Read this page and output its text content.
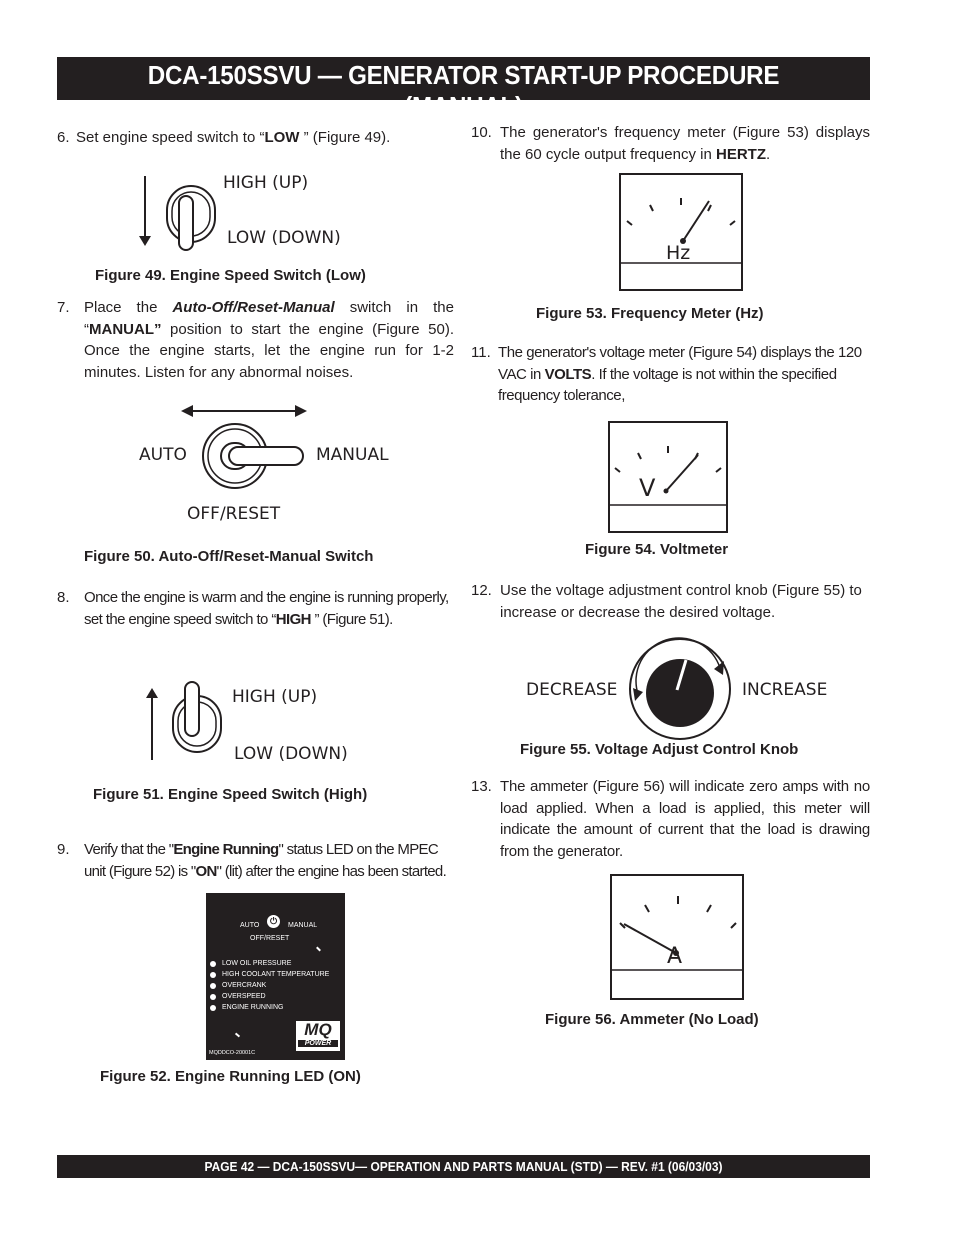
DCA-150SSVU — GENERATOR START-UP PROCEDURE (MANUAL)
6. Set engine speed switch to “LOW ” (Figure 49).
HIGH (UP)
LOW (DOWN)
Figure 49. Engine Speed Switch (Low)
7. Place the Auto-Off/Reset-Manual switch in the “MANUAL” position to start the engine (Figure 50). Once the engine starts, let the engine run for 1-2 minutes. Listen for any abnormal noises.
AUTO	MANUAL
OFF/RESET
Figure 50. Auto-Off/Reset-Manual Switch
8. Once the engine is warm and the engine is running properly, set the engine speed switch to “HIGH ” (Figure 51).
HIGH (UP)
LOW (DOWN)
Figure 51. Engine Speed Switch (High)
9. Verify that the "Engine Running" status LED on the MPEC unit (Figure 52) is "ON" (lit) after the engine has been started.
AUTO	⏻	MANUAL
OFF/RESET
LOW OIL PRESSURE
HIGH COOLANT TEMPERATURE
OVERCRANK
OVERSPEED
ENGINE RUNNING
MQ
POWER
MQDDCO-20001C
Figure 52. Engine Running LED (ON)
10. The generator's frequency meter (Figure 53) displays the 60 cycle output frequency in HERTZ.
Hz
Figure 53. Frequency Meter (Hz)
11. The generator's voltage meter (Figure 54) displays the 120 VAC in VOLTS. If the voltage is not within the specified frequency tolerance,
V
Figure 54. Voltmeter
12. Use the voltage adjustment control knob (Figure 55) to increase or decrease the desired voltage.
DECREASE	INCREASE
Figure 55. Voltage Adjust Control Knob
13. The ammeter (Figure 56) will indicate zero amps with no load applied. When a load is applied, this meter will indicate the amount of current that the load is drawing from the generator.
A
Figure 56. Ammeter (No Load)
PAGE 42 — DCA-150SSVU— OPERATION AND PARTS MANUAL (STD) — REV. #1 (06/03/03)
